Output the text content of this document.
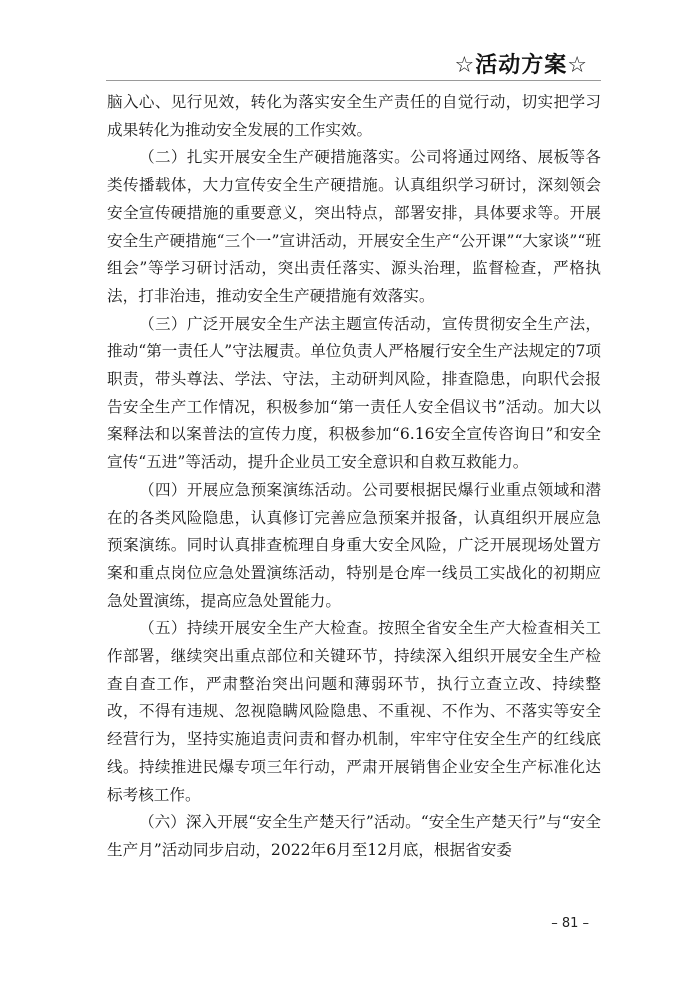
☆活动方案☆

脑入心、见行见效，转化为落实安全生产责任的自觉行动，切实把学习成果转化为推动安全发展的工作实效。

（二）扎实开展安全生产硬措施落实。公司将通过网络、展板等各类传播载体，大力宣传安全生产硬措施。认真组织学习研讨，深刻领会安全宣传硬措施的重要意义，突出特点，部署安排，具体要求等。开展安全生产硬措施“三个一”宣讲活动，开展安全生产“公开课”“大家谈”“班组会”等学习研讨活动，突出责任落实、源头治理，监督检查，严格执法，打非治违，推动安全生产硬措施有效落实。

（三）广泛开展安全生产法主题宣传活动，宣传贯彻安全生产法，推动“第一责任人”守法履责。单位负责人严格履行安全生产法规定的7项职责，带头尊法、学法、守法，主动研判风险，排查隐患，向职代会报告安全生产工作情况，积极参加“第一责任人安全倡议书”活动。加大以案释法和以案普法的宣传力度，积极参加“6.16安全宣传咨询日”和安全宣传“五进”等活动，提升企业员工安全意识和自救互救能力。

（四）开展应急预案演练活动。公司要根据民爆行业重点领域和潜在的各类风险隐患，认真修订完善应急预案并报备，认真组织开展应急预案演练。同时认真排查梳理自身重大安全风险，广泛开展现场处置方案和重点岗位应急处置演练活动，特别是仓库一线员工实战化的初期应急处置演练，提高应急处置能力。

（五）持续开展安全生产大检查。按照全省安全生产大检查相关工作部署，继续突出重点部位和关键环节，持续深入组织开展安全生产检查自查工作，严肃整治突出问题和薄弱环节，执行立查立改、持续整改，不得有违规、忽视隐瞒风险隐患、不重视、不作为、不落实等安全经营行为，坚持实施追责问责和督办机制，牢牢守住安全生产的红线底线。持续推进民爆专项三年行动，严肃开展销售企业安全生产标准化达标考核工作。

（六）深入开展“安全生产楚天行”活动。“安全生产楚天行”与“安全生产月”活动同步启动，2022年6月至12月底，根据省安委

– 81 –
